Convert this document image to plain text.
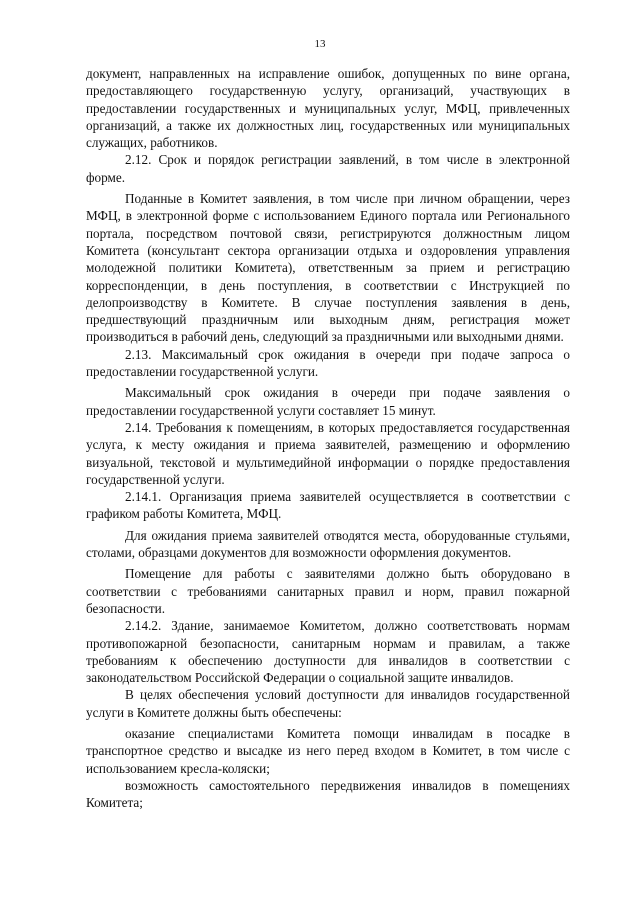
13

документ, направленных на исправление ошибок, допущенных по вине органа, предоставляющего государственную услугу, организаций, участвующих в предоставлении государственных и муниципальных услуг, МФЦ, привлеченных организаций, а также их должностных лиц, государственных или муниципальных служащих, работников.

2.12. Срок и порядок регистрации заявлений, в том числе в электронной форме.

Поданные в Комитет заявления, в том числе при личном обращении, через МФЦ, в электронной форме с использованием Единого портала или Регионального портала, посредством почтовой связи, регистрируются должностным лицом Комитета (консультант сектора организации отдыха и оздоровления управления молодежной политики Комитета), ответственным за прием и регистрацию корреспонденции, в день поступления, в соответствии с Инструкцией по делопроизводству в Комитете. В случае поступления заявления в день, предшествующий праздничным или выходным дням, регистрация может производиться в рабочий день, следующий за праздничными или выходными днями.

2.13. Максимальный срок ожидания в очереди при подаче запроса о предоставлении государственной услуги.

Максимальный срок ожидания в очереди при подаче заявления о предоставлении государственной услуги составляет 15 минут.

2.14. Требования к помещениям, в которых предоставляется государственная услуга, к месту ожидания и приема заявителей, размещению и оформлению визуальной, текстовой и мультимедийной информации о порядке предоставления государственной услуги.

2.14.1. Организация приема заявителей осуществляется в соответствии с графиком работы Комитета, МФЦ.

Для ожидания приема заявителей отводятся места, оборудованные стульями, столами, образцами документов для возможности оформления документов.

Помещение для работы с заявителями должно быть оборудовано в соответствии с требованиями санитарных правил и норм, правил пожарной безопасности.

2.14.2. Здание, занимаемое Комитетом, должно соответствовать нормам противопожарной безопасности, санитарным нормам и правилам, а также требованиям к обеспечению доступности для инвалидов в соответствии с законодательством Российской Федерации о социальной защите инвалидов.

В целях обеспечения условий доступности для инвалидов государственной услуги в Комитете должны быть обеспечены:

оказание специалистами Комитета помощи инвалидам в посадке в транспортное средство и высадке из него перед входом в Комитет, в том числе с использованием кресла-коляски;

возможность самостоятельного передвижения инвалидов в помещениях Комитета;
